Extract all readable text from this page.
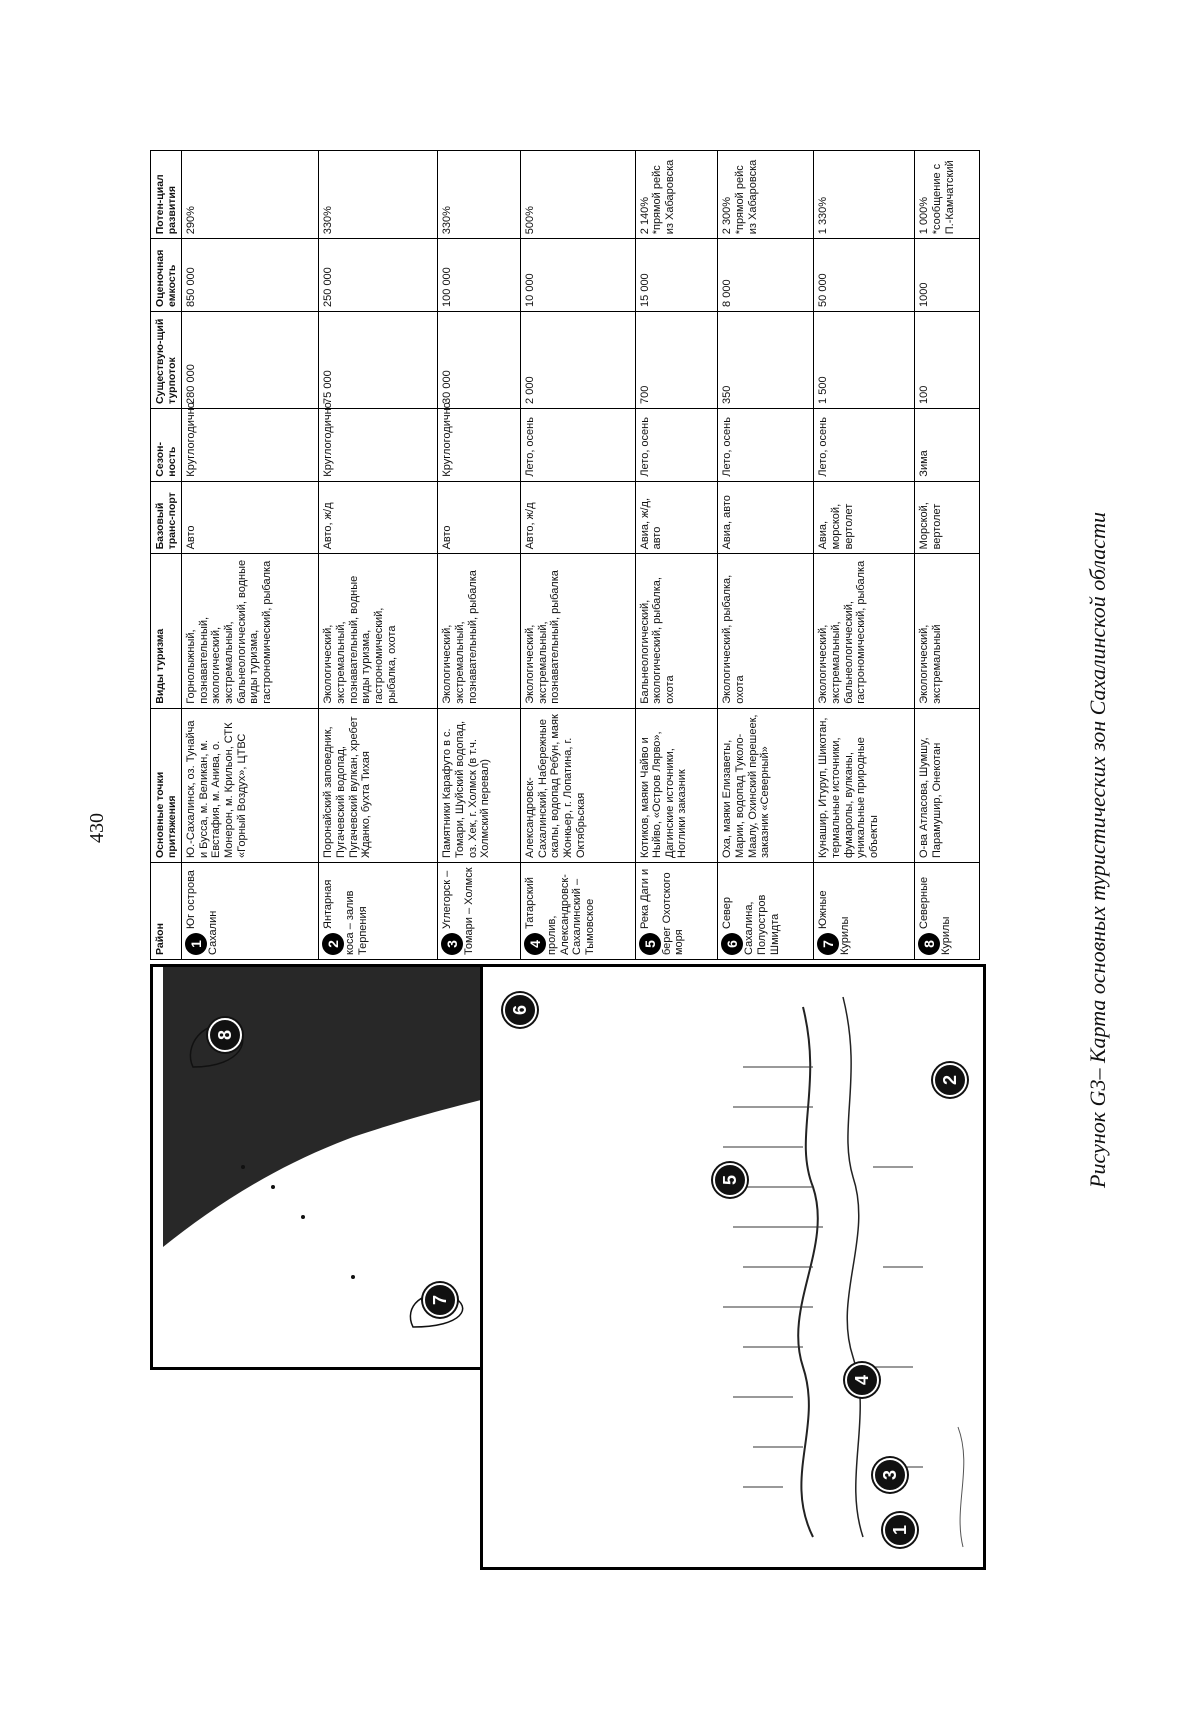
430
7
8
1
2
3
4
5
6
Район	Основные точки притяжения	Виды туризма	Базовый транс-порт	Сезон-ность	Существую-щий турпоток	Оценочная емкость	Потен-циал развития
1Юг острова Сахалин	Ю.-Сахалинск, оз. Тунайча и Бусса, м. Великан, м. Евстафия, м. Анива, о. Монерон, м. Крильон, СТК «Горный Воздух», ЦТВС	Горнолыжный, познавательный, экологический, экстремальный, бальнеологический, водные виды туризма, гастрономический, рыбалка	Авто	Круглогодично	280 000	850 000	290%
2Янтарная коса – залив Терпения	Поронайский заповедник, Пугачевский водопад, Пугачевский вулкан, хребет Жданко, бухта Тихая	Экологический, экстремальный, познавательный, водные виды туризма, гастрономический, рыбалка, охота	Авто, ж/д	Круглогодично	75 000	250 000	330%
3Углегорск – Томари – Холмск	Памятники Карафуто в с. Томари, Шуйский водопад, оз. Хек, г. Холмск (в т.ч. Холмский перевал)	Экологический, экстремальный, познавательный, рыбалка	Авто	Круглогодично	30 000	100 000	330%
4Татарский пролив, Александровск-Сахалинский – Тымовское	Александровск-Сахалинский, Набережные скалы, водопад Ребун, маяк Жонкьер, г. Лопатина, г. Октябрьская	Экологический, экстремальный, познавательный, рыбалка	Авто, ж/д	Лето, осень	2 000	10 000	500%
5Река Даги и берег Охотского моря	Котиков, маяки Чайво и Ныйво, «Остров Лярво», Дагинские источники, Ноглики заказник	Бальнеологический, экологический, рыбалка, охота	Авиа, ж/д, авто	Лето, осень	700	15 000	2 140% *прямой рейс из Хабаровска
6Север Сахалина, Полуостров Шмидта	Оха, маяки Елизаветы, Марии, водопад Туколо-Маалу, Охинский перешеек, заказник «Северный»	Экологический, рыбалка, охота	Авиа, авто	Лето, осень	350	8 000	2 300% *прямой рейс из Хабаровска
7Южные Курилы	Кунашир, Итуруп, Шикотан, термальные источники, фумаролы, вулканы, уникальные природные объекты	Экологический, экстремальный, бальнеологический, гастрономический, рыбалка	Авиа, морской, вертолет	Лето, осень	1 500	50 000	1 330%
8Северные Курилы	О-ва Атласова, Шумшу, Парамушир, Онекотан	Экологический, экстремальный	Морской, вертолет	Зима	100	1000	1 000% *сообщение с П.-Камчатский
Рисунок G3– Карта основных туристических зон Сахалинской области
